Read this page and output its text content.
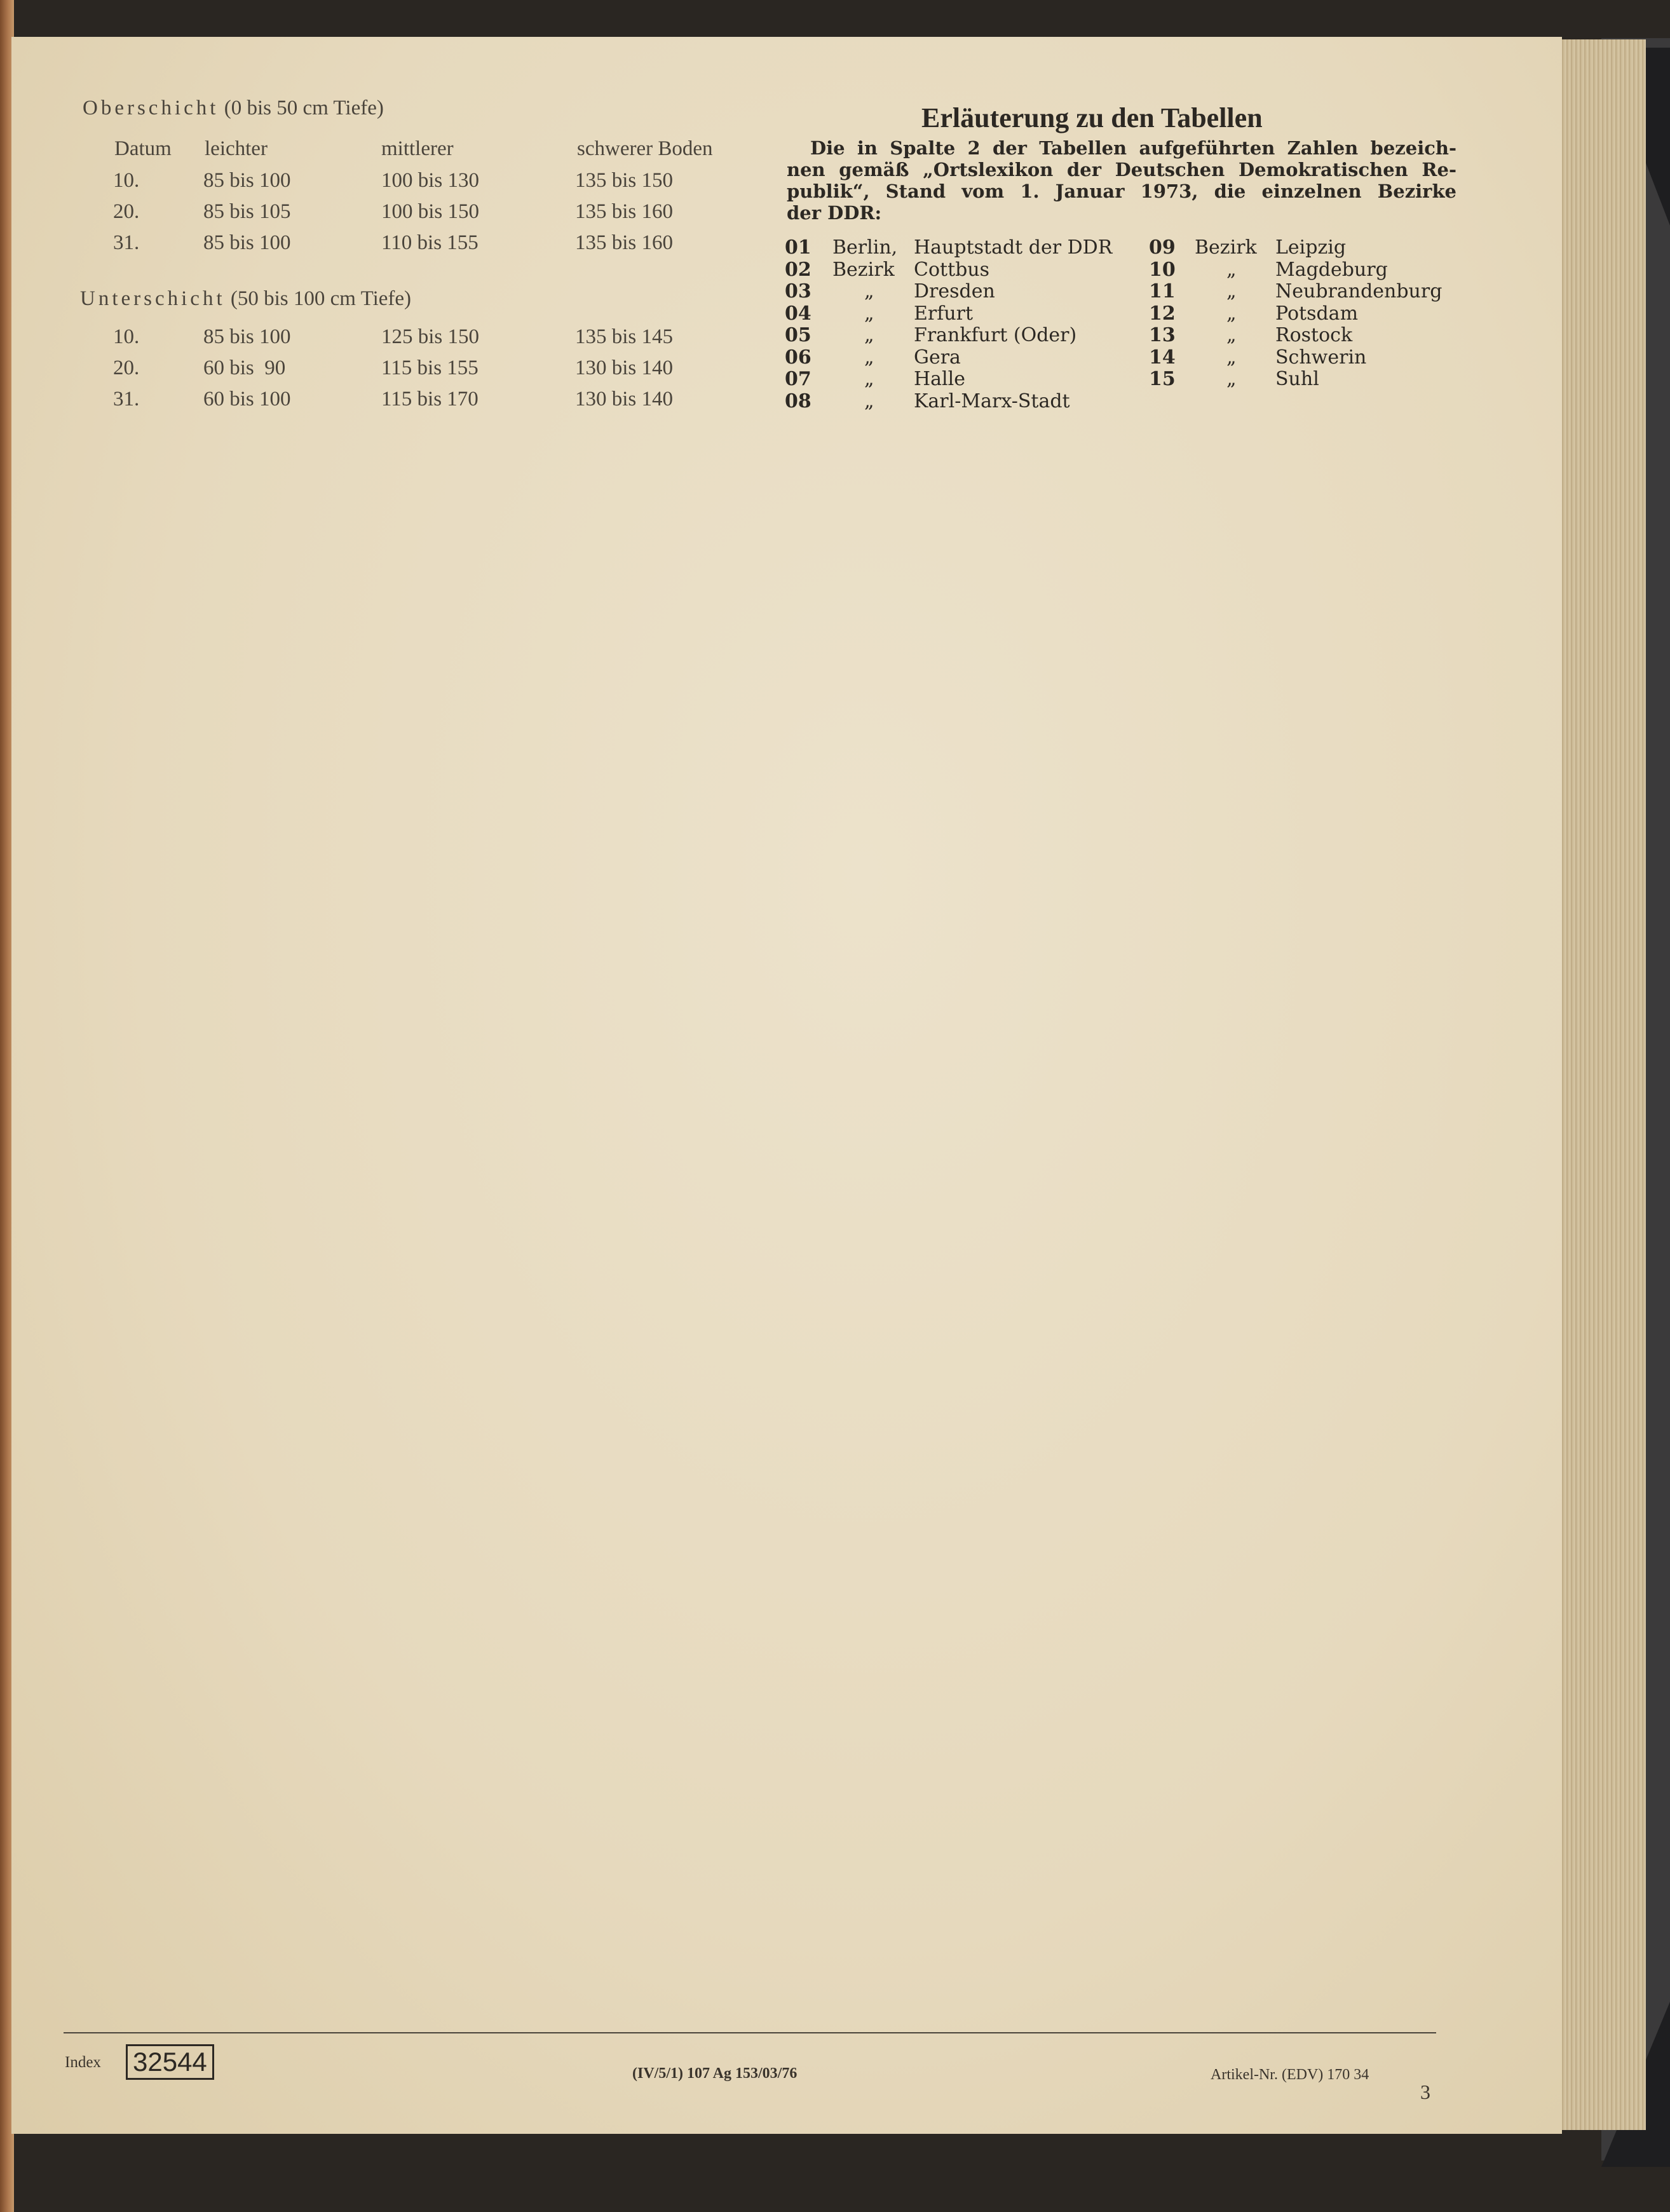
Oberschicht (0 bis 50 cm Tiefe)
Datum leichter	mittlerer	schwerer Boden
10.	85 bis 100	100 bis 130	135 bis 150
20.	85 bis 105	100 bis 150	135 bis 160
31.	85 bis 100	110 bis 155	135 bis 160
Unterschicht (50 bis 100 cm Tiefe)
10.	85 bis 100	125 bis 150	135 bis 145
20.	60 bis  90	115 bis 155	130 bis 140
31.	60 bis 100	115 bis 170	130 bis 140
Erläuterung zu den Tabellen
Die in Spalte 2 der Tabellen aufgeführten Zahlen bezeich-
nen gemäß „Ortslexikon der Deutschen Demokratischen Re-
publik“, Stand vom 1. Januar 1973, die einzelnen Bezirke
der DDR:
01 Berlin, Hauptstadt der DDR
02 Bezirk Cottbus
03	„ Dresden
04	„ Erfurt
05	„ Frankfurt (Oder)
06	„ Gera
07	„ Halle
08	„ Karl-Marx-Stadt
09 Bezirk Leipzig
10	„ Magdeburg
11	„ Neubrandenburg
12	„ Potsdam
13	„ Rostock
14	„ Schwerin
15	„ Suhl
Index 32544	(IV/5/1) 107 Ag 153/03/76	Artikel-Nr. (EDV) 170 34
3
